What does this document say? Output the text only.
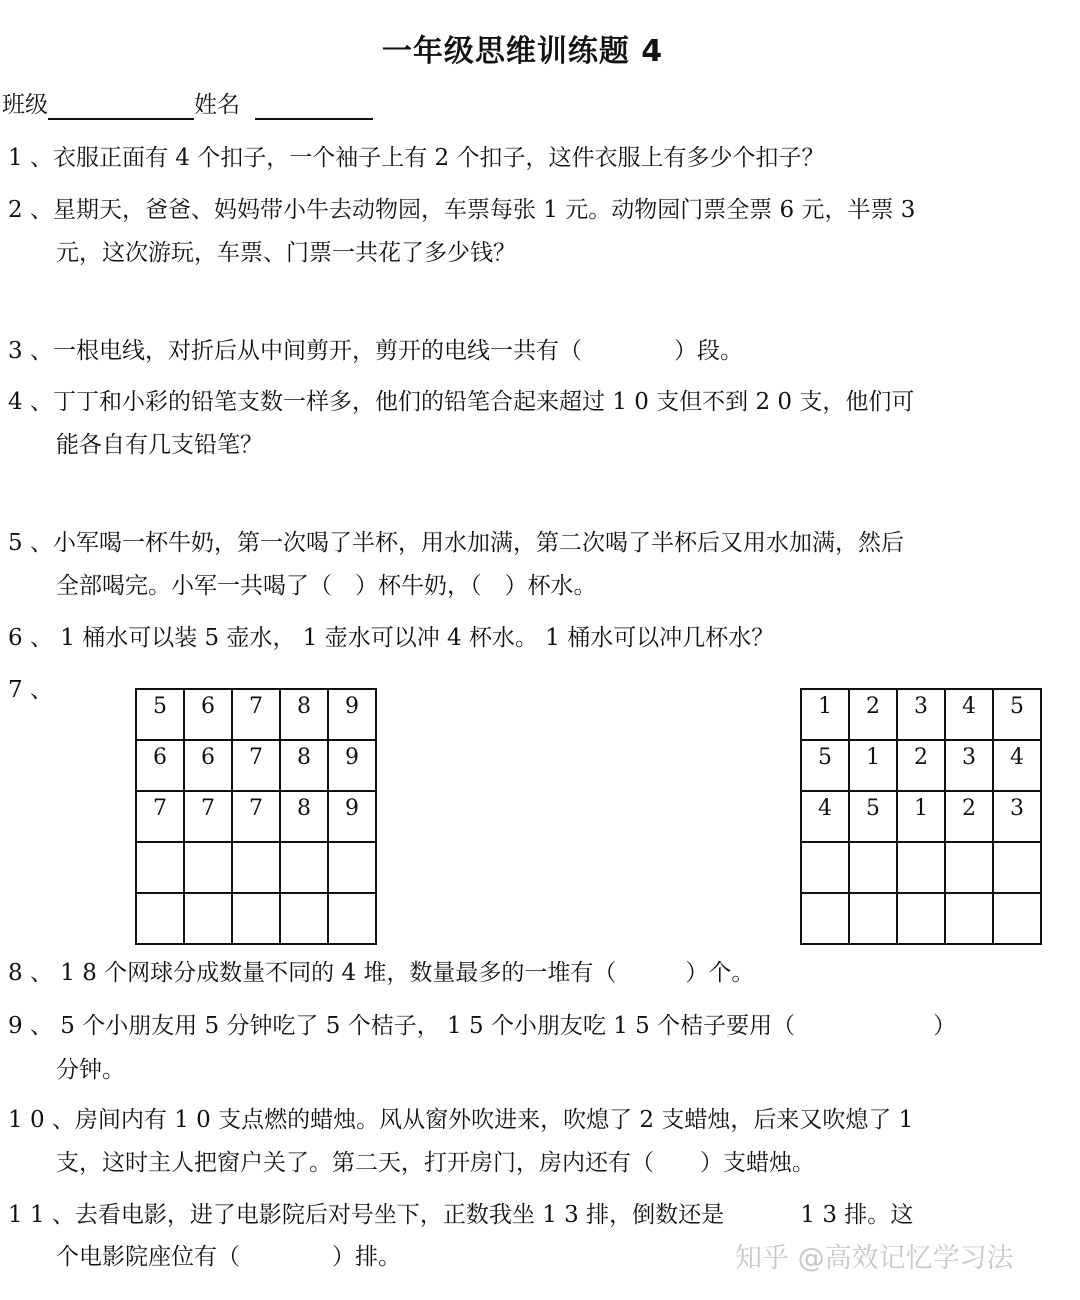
一年级思维训练题 4
班级	姓名
1 、衣服正面有 4 个扣子，一个袖子上有 2 个扣子，这件衣服上有多少个扣子？
2 、星期天，爸爸、妈妈带小牛去动物园，车票每张 1 元。动物园门票全票 6 元，半票 3
元，这次游玩，车票、门票一共花了多少钱？
3 、一根电线，对折后从中间剪开，剪开的电线一共有（　　　　）段。
4 、丁丁和小彩的铅笔支数一样多，他们的铅笔合起来超过 1 0 支但不到 2 0 支，他们可
能各自有几支铅笔？
5 、小军喝一杯牛奶，第一次喝了半杯，用水加满，第二次喝了半杯后又用水加满，然后
全部喝完。小军一共喝了（　）杯牛奶，（　）杯水。
6 、 1 桶水可以装 5 壶水， 1 壶水可以冲 4 杯水。 1 桶水可以冲几杯水？
7 、
5	6	7	8	9
6	6	7	8	9
7	7	7	8	9

1	2	3	4	5
5	1	2	3	4
4	5	1	2	3

8 、 1 8 个网球分成数量不同的 4 堆，数量最多的一堆有（　　　）个。
9 、 5 个小朋友用 5 分钟吃了 5 个桔子， 1 5 个小朋友吃 1 5 个桔子要用（　　　　　　）
分钟。
1 0 、房间内有 1 0 支点燃的蜡烛。风从窗外吹进来，吹熄了 2 支蜡烛，后来又吹熄了 1
支，这时主人把窗户关了。第二天，打开房门，房内还有（　　）支蜡烛。
1 1 、去看电影，进了电影院后对号坐下，正数我坐 1 3 排，倒数还是　　　 1 3 排。这
个电影院座位有（　　　　）排。	知乎 @高效记忆学习法
